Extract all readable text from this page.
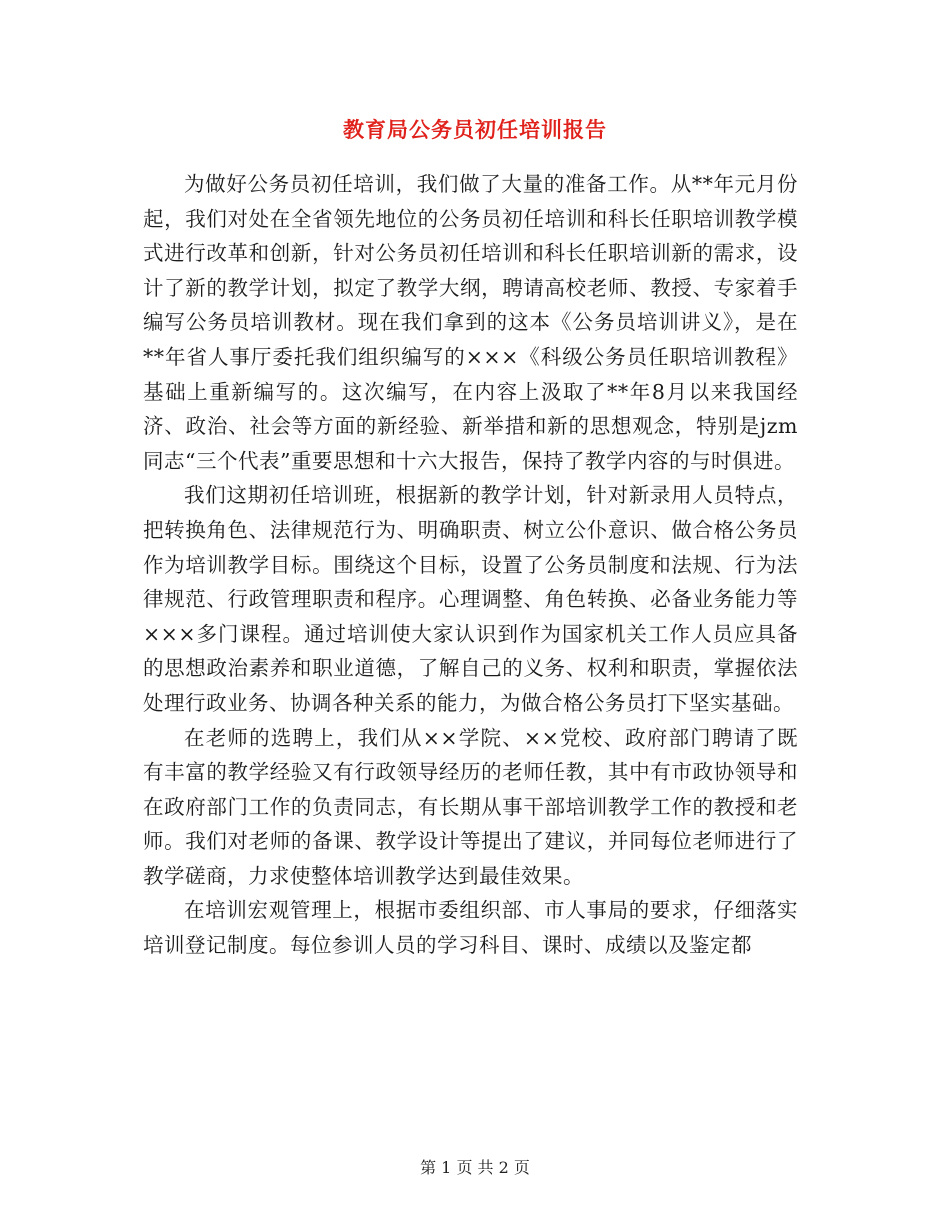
教育局公务员初任培训报告

为做好公务员初任培训，我们做了大量的准备工作。从**年元月份起，我们对处在全省领先地位的公务员初任培训和科长任职培训教学模式进行改革和创新，针对公务员初任培训和科长任职培训新的需求，设计了新的教学计划，拟定了教学大纲，聘请高校老师、教授、专家着手编写公务员培训教材。现在我们拿到的这本《公务员培训讲义》，是在**年省人事厅委托我们组织编写的×××《科级公务员任职培训教程》基础上重新编写的。这次编写，在内容上汲取了**年8月以来我国经济、政治、社会等方面的新经验、新举措和新的思想观念，特别是jzm同志“三个代表”重要思想和十六大报告，保持了教学内容的与时俱进。

我们这期初任培训班，根据新的教学计划，针对新录用人员特点，把转换角色、法律规范行为、明确职责、树立公仆意识、做合格公务员作为培训教学目标。围绕这个目标，设置了公务员制度和法规、行为法律规范、行政管理职责和程序。心理调整、角色转换、必备业务能力等×××多门课程。通过培训使大家认识到作为国家机关工作人员应具备的思想政治素养和职业道德，了解自己的义务、权利和职责，掌握依法处理行政业务、协调各种关系的能力，为做合格公务员打下坚实基础。

在老师的选聘上，我们从××学院、××党校、政府部门聘请了既有丰富的教学经验又有行政领导经历的老师任教，其中有市政协领导和在政府部门工作的负责同志，有长期从事干部培训教学工作的教授和老师。我们对老师的备课、教学设计等提出了建议，并同每位老师进行了教学磋商，力求使整体培训教学达到最佳效果。

在培训宏观管理上，根据市委组织部、市人事局的要求，仔细落实培训登记制度。每位参训人员的学习科目、课时、成绩以及鉴定都

第 1 页 共 2 页
